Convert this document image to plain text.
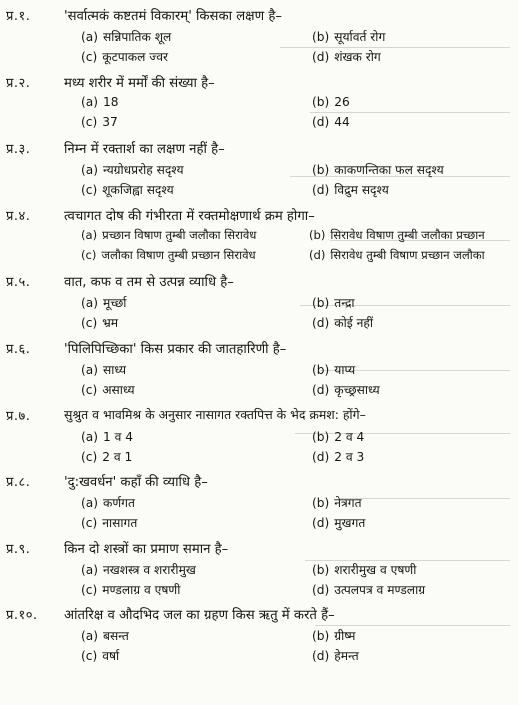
प्र.१.	'सर्वात्मकं कष्टतमं विकारम्' किसका लक्षण है–
(a) सन्निपातिक शूल	(b) सूर्यावर्त रोग
(c) कूटपाकल ज्वर	(d) शंखक रोग
प्र.२.	मध्य शरीर में मर्मों की संख्या है–
(a) 18	(b) 26
(c) 37	(d) 44
प्र.३.	निम्न में रक्तार्श का लक्षण नहीं है–
(a) न्यग्रोधप्ररोह सदृश्य	(b) काकणन्तिका फल सदृश्य
(c) शूकजिह्वा सदृश्य	(d) विद्रुम सदृश्य
प्र.४.	त्वचागत दोष की गंभीरता में रक्तमोक्षणार्थ क्रम होगा–
(a) प्रच्छान विषाण तुम्बी जलौका सिरावेध	(b) सिरावेध विषाण तुम्बी जलौका प्रच्छान
(c) जलौका विषाण तुम्बी प्रच्छान सिरावेध	(d) सिरावेध तुम्बी विषाण प्रच्छान जलौका
प्र.५.	वात, कफ व तम से उत्पन्न व्याधि है–
(a) मूर्च्छा	(b) तन्द्रा
(c) भ्रम	(d) कोई नहीं
प्र.६.	'पिलिपिच्छिका' किस प्रकार की जातहारिणी है–
(a) साध्य	(b) याप्य
(c) असाध्य	(d) कृच्छ्रसाध्य
प्र.७.	सुश्रुत व भावमिश्र के अनुसार नासागत रक्तपित्त के भेद क्रमश: होंगे–
(a) 1 व 4	(b) 2 व 4
(c) 2 व 1	(d) 2 व 3
प्र.८.	'दु:खवर्धन' कहाँ की व्याधि है–
(a) कर्णगत	(b) नेत्रगत
(c) नासागत	(d) मुखगत
प्र.९.	किन दो शस्त्रों का प्रमाण समान है–
(a) नखशस्त्र व शरारीमुख	(b) शरारीमुख व एषणी
(c) मण्डलाग्र व एषणी	(d) उत्पलपत्र व मण्डलाग्र
प्र.१०. आंतरिक्ष व औदभिद जल का ग्रहण किस ऋतु में करते हैं–
(a) बसन्त	(b) ग्रीष्म
(c) वर्षा	(d) हेमन्त
